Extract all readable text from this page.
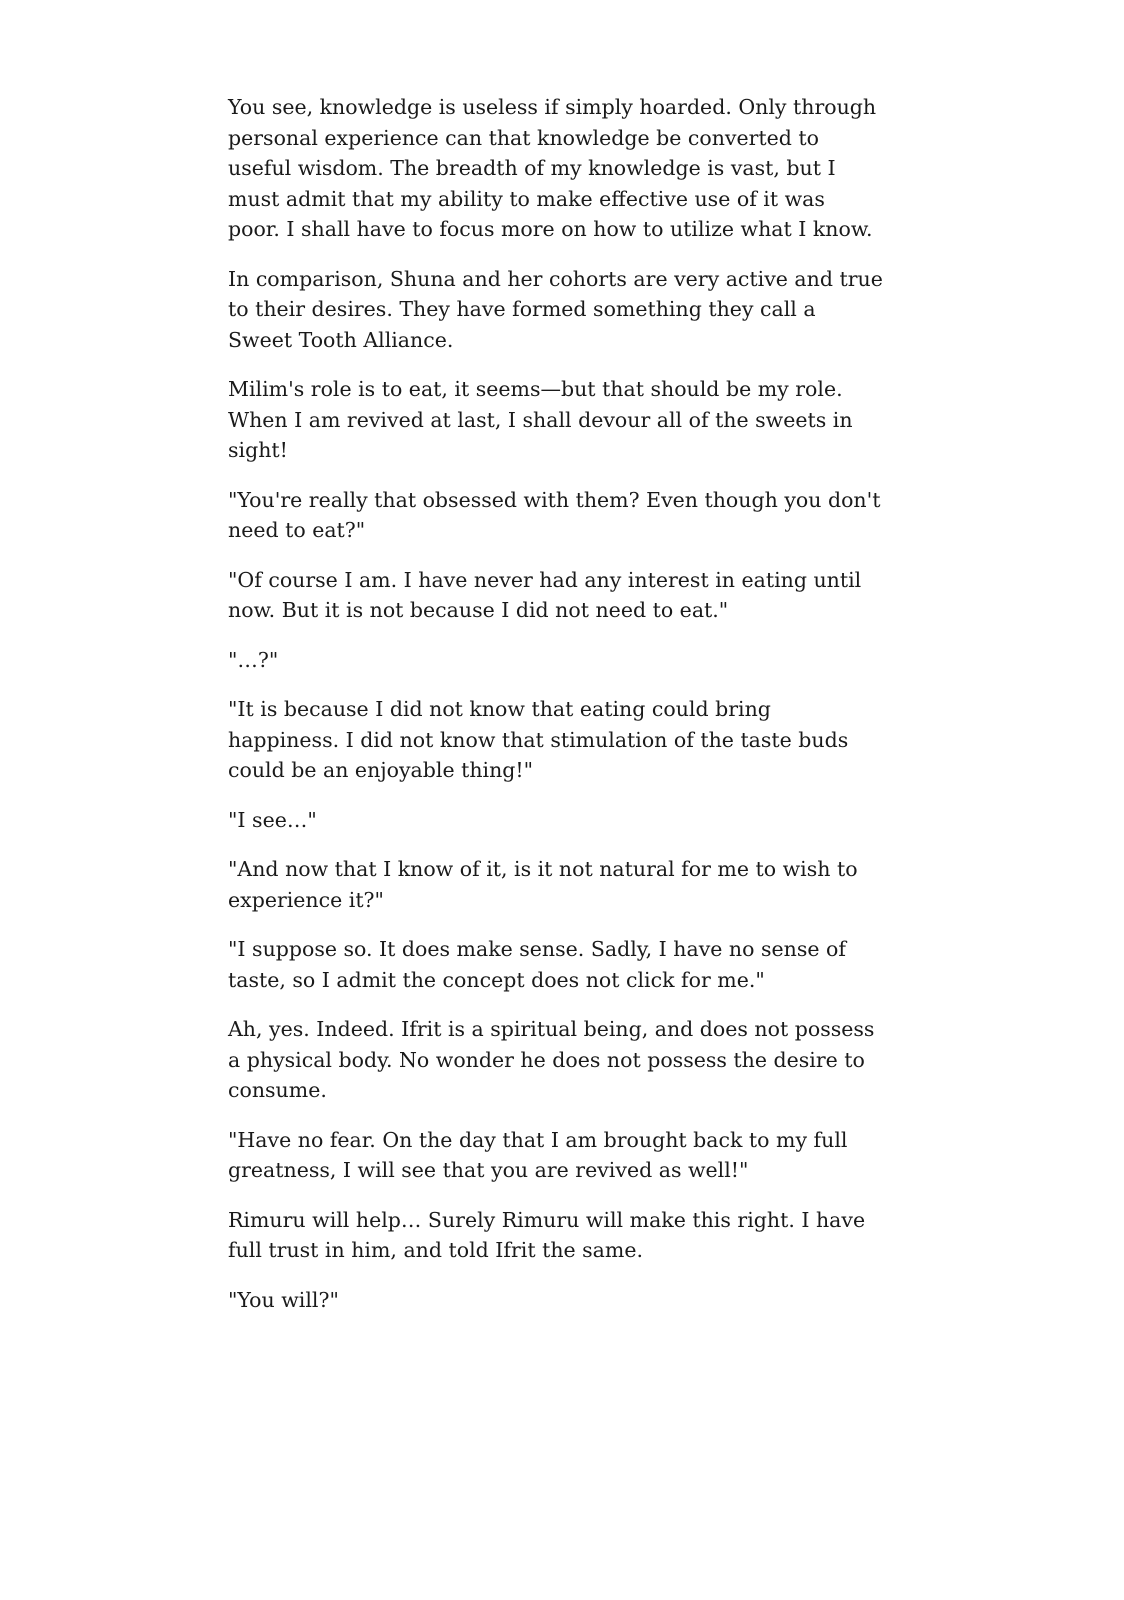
You see, knowledge is useless if simply hoarded. Only through personal experience can that knowledge be converted to useful wisdom. The breadth of my knowledge is vast, but I must admit that my ability to make effective use of it was poor. I shall have to focus more on how to utilize what I know.

In comparison, Shuna and her cohorts are very active and true to their desires. They have formed something they call a Sweet Tooth Alliance.

Milim's role is to eat, it seems—but that should be my role. When I am revived at last, I shall devour all of the sweets in sight!

"You're really that obsessed with them? Even though you don't need to eat?"

"Of course I am. I have never had any interest in eating until now. But it is not because I did not need to eat."

"…?"

"It is because I did not know that eating could bring happiness. I did not know that stimulation of the taste buds could be an enjoyable thing!"

"I see…"

"And now that I know of it, is it not natural for me to wish to experience it?"

"I suppose so. It does make sense. Sadly, I have no sense of taste, so I admit the concept does not click for me."

Ah, yes. Indeed. Ifrit is a spiritual being, and does not possess a physical body. No wonder he does not possess the desire to consume.

"Have no fear. On the day that I am brought back to my full greatness, I will see that you are revived as well!"

Rimuru will help… Surely Rimuru will make this right. I have full trust in him, and told Ifrit the same.

"You will?"
